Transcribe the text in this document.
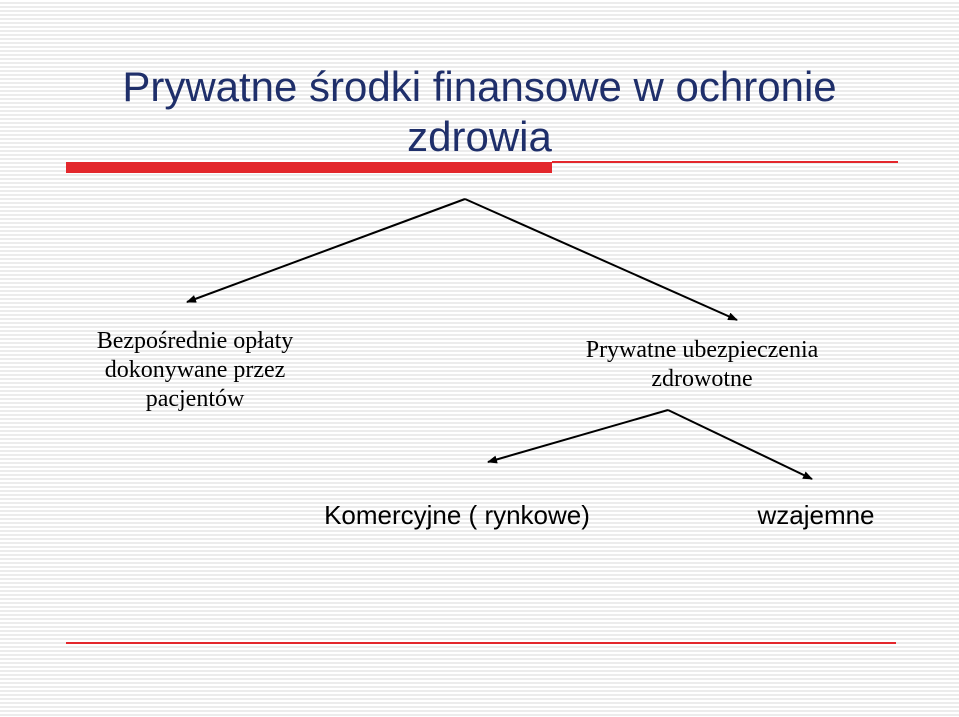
Prywatne środki finansowe w ochronie
zdrowia
Bezpośrednie opłaty
dokonywane przez
pacjentów
Prywatne ubezpieczenia
zdrowotne
Komercyjne ( rynkowe)	wzajemne
